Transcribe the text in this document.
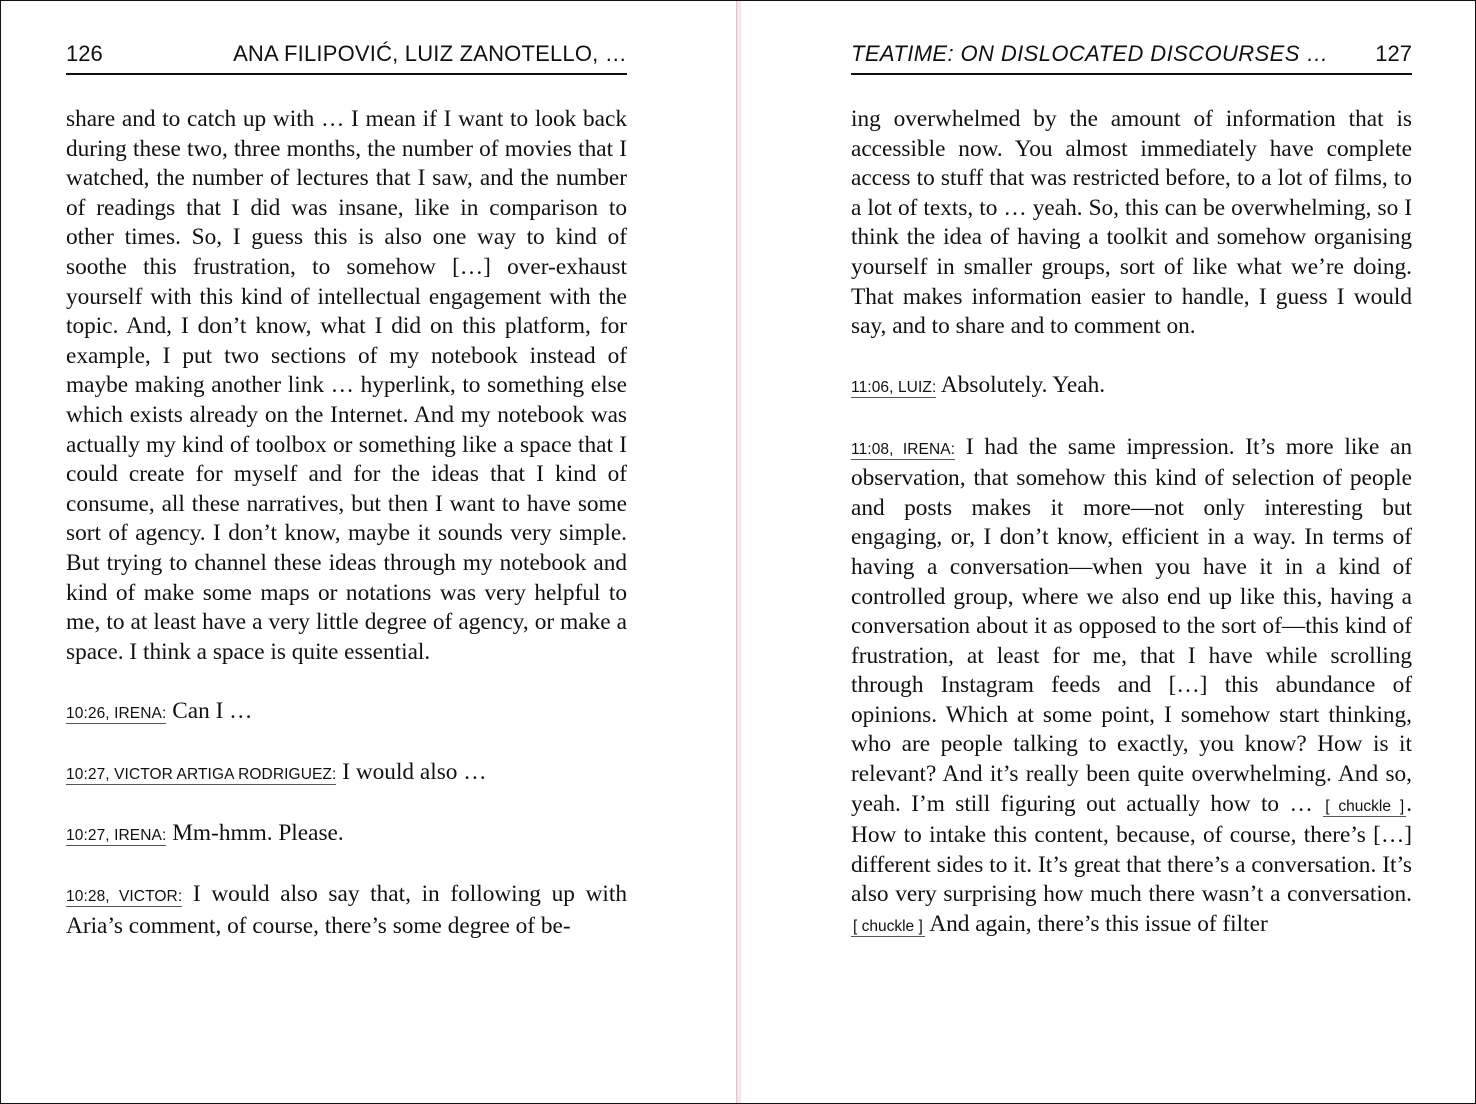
126	ANA FILIPOVIĆ, LUIZ ZANOTELLO, …

share and to catch up with … I mean if I want to look back during these two, three months, the number of movies that I watched, the number of lectures that I saw, and the number of readings that I did was insane, like in comparison to other times. So, I guess this is also one way to kind of soothe this frustration, to somehow […] over-exhaust yourself with this kind of intellectual engagement with the topic. And, I don’t know, what I did on this platform, for example, I put two sections of my notebook instead of maybe making another link … hyperlink, to something else which exists already on the Internet. And my notebook was actually my kind of toolbox or something like a space that I could create for myself and for the ideas that I kind of consume, all these narratives, but then I want to have some sort of agency. I don’t know, maybe it sounds very simple. But trying to channel these ideas through my notebook and kind of make some maps or notations was very helpful to me, to at least have a very little degree of agency, or make a space. I think a space is quite essential.

10:26, IRENA: Can I …

10:27, VICTOR ARTIGA RODRIGUEZ: I would also …

10:27, IRENA: Mm-hmm. Please.

10:28, VICTOR: I would also say that, in following up with Aria’s comment, of course, there’s some degree of be-

TEATIME: ON DISLOCATED DISCOURSES … 127

ing overwhelmed by the amount of information that is accessible now. You almost immediately have complete access to stuff that was restricted before, to a lot of films, to a lot of texts, to … yeah. So, this can be overwhelming, so I think the idea of having a toolkit and somehow organising yourself in smaller groups, sort of like what we’re doing. That makes information easier to handle, I guess I would say, and to share and to comment on.

11:06, LUIZ: Absolutely. Yeah.

11:08, IRENA: I had the same impression. It’s more like an observation, that somehow this kind of selection of people and posts makes it more—not only interesting but engaging, or, I don’t know, efficient in a way. In terms of having a conversation—when you have it in a kind of controlled group, where we also end up like this, having a conversation about it as opposed to the sort of—this kind of frustration, at least for me, that I have while scrolling through Instagram feeds and […] this abundance of opinions. Which at some point, I somehow start thinking, who are people talking to exactly, you know? How is it relevant? And it’s really been quite overwhelming. And so, yeah. I’m still figuring out actually how to … [ chuckle ]. How to intake this content, because, of course, there’s […] different sides to it. It’s great that there’s a conversation. It’s also very surprising how much there wasn’t a conversation. [ chuckle ] And again, there’s this issue of filter
